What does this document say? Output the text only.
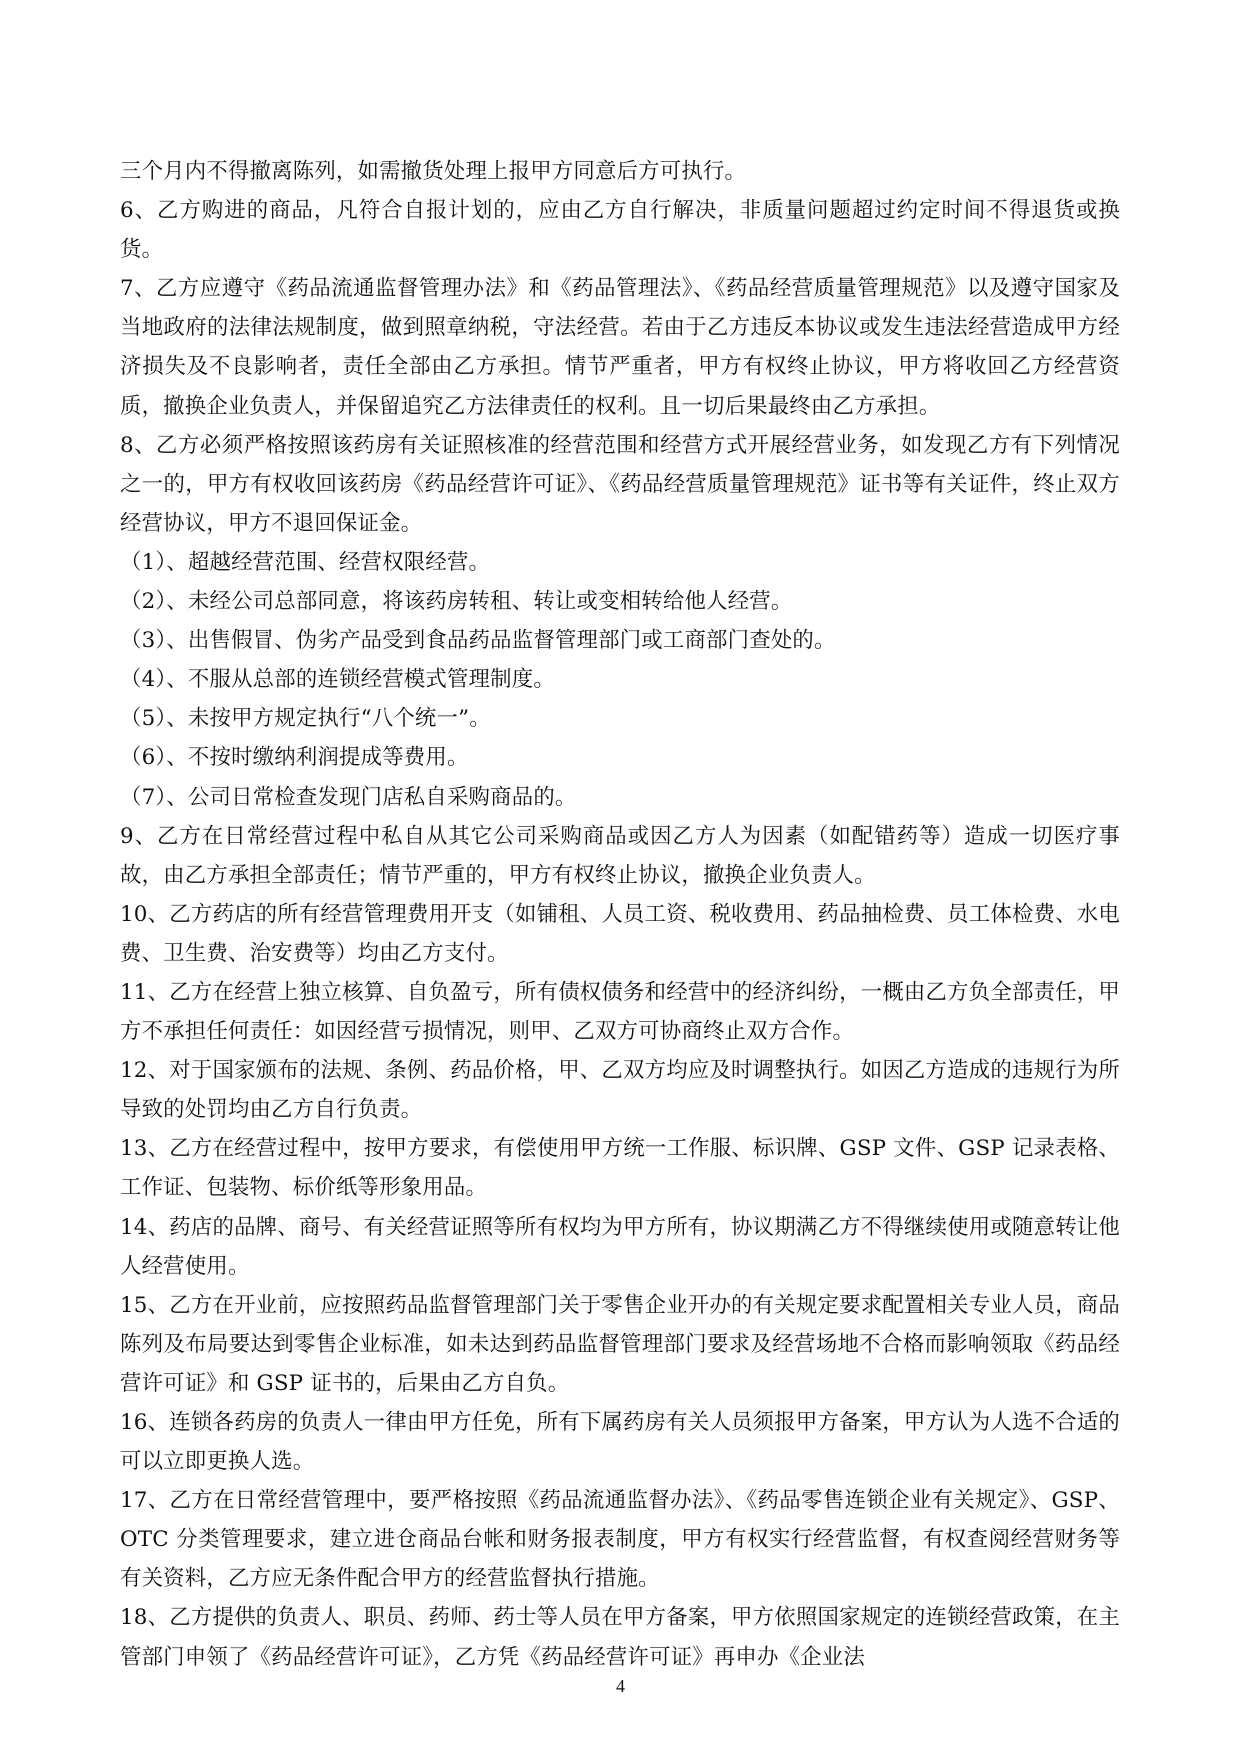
三个月内不得撤离陈列，如需撤货处理上报甲方同意后方可执行。

6、乙方购进的商品，凡符合自报计划的，应由乙方自行解决，非质量问题超过约定时间不得退货或换货。

7、乙方应遵守《药品流通监督管理办法》和《药品管理法》、《药品经营质量管理规范》以及遵守国家及当地政府的法律法规制度，做到照章纳税，守法经营。若由于乙方违反本协议或发生违法经营造成甲方经济损失及不良影响者，责任全部由乙方承担。情节严重者，甲方有权终止协议，甲方将收回乙方经营资质，撤换企业负责人，并保留追究乙方法律责任的权利。且一切后果最终由乙方承担。

8、乙方必须严格按照该药房有关证照核准的经营范围和经营方式开展经营业务，如发现乙方有下列情况之一的，甲方有权收回该药房《药品经营许可证》、《药品经营质量管理规范》证书等有关证件，终止双方经营协议，甲方不退回保证金。

（1）、超越经营范围、经营权限经营。

（2）、未经公司总部同意，将该药房转租、转让或变相转给他人经营。

（3）、出售假冒、伪劣产品受到食品药品监督管理部门或工商部门查处的。

（4）、不服从总部的连锁经营模式管理制度。

（5）、未按甲方规定执行“八个统一”。

（6）、不按时缴纳利润提成等费用。

（7）、公司日常检查发现门店私自采购商品的。

9、乙方在日常经营过程中私自从其它公司采购商品或因乙方人为因素（如配错药等）造成一切医疗事故，由乙方承担全部责任；情节严重的，甲方有权终止协议，撤换企业负责人。

10、乙方药店的所有经营管理费用开支（如铺租、人员工资、税收费用、药品抽检费、员工体检费、水电费、卫生费、治安费等）均由乙方支付。

11、乙方在经营上独立核算、自负盈亏，所有债权债务和经营中的经济纠纷，一概由乙方负全部责任，甲方不承担任何责任：如因经营亏损情况，则甲、乙双方可协商终止双方合作。

12、对于国家颁布的法规、条例、药品价格，甲、乙双方均应及时调整执行。如因乙方造成的违规行为所导致的处罚均由乙方自行负责。

13、乙方在经营过程中，按甲方要求，有偿使用甲方统一工作服、标识牌、GSP 文件、GSP 记录表格、工作证、包装物、标价纸等形象用品。

14、药店的品牌、商号、有关经营证照等所有权均为甲方所有，协议期满乙方不得继续使用或随意转让他人经营使用。

15、乙方在开业前，应按照药品监督管理部门关于零售企业开办的有关规定要求配置相关专业人员，商品陈列及布局要达到零售企业标准，如未达到药品监督管理部门要求及经营场地不合格而影响领取《药品经营许可证》和 GSP 证书的，后果由乙方自负。

16、连锁各药房的负责人一律由甲方任免，所有下属药房有关人员须报甲方备案，甲方认为人选不合适的可以立即更换人选。

17、乙方在日常经营管理中，要严格按照《药品流通监督办法》、《药品零售连锁企业有关规定》、GSP、OTC 分类管理要求，建立进仓商品台帐和财务报表制度，甲方有权实行经营监督，有权查阅经营财务等有关资料，乙方应无条件配合甲方的经营监督执行措施。

18、乙方提供的负责人、职员、药师、药士等人员在甲方备案，甲方依照国家规定的连锁经营政策，在主管部门申领了《药品经营许可证》，乙方凭《药品经营许可证》再申办《企业法

4
